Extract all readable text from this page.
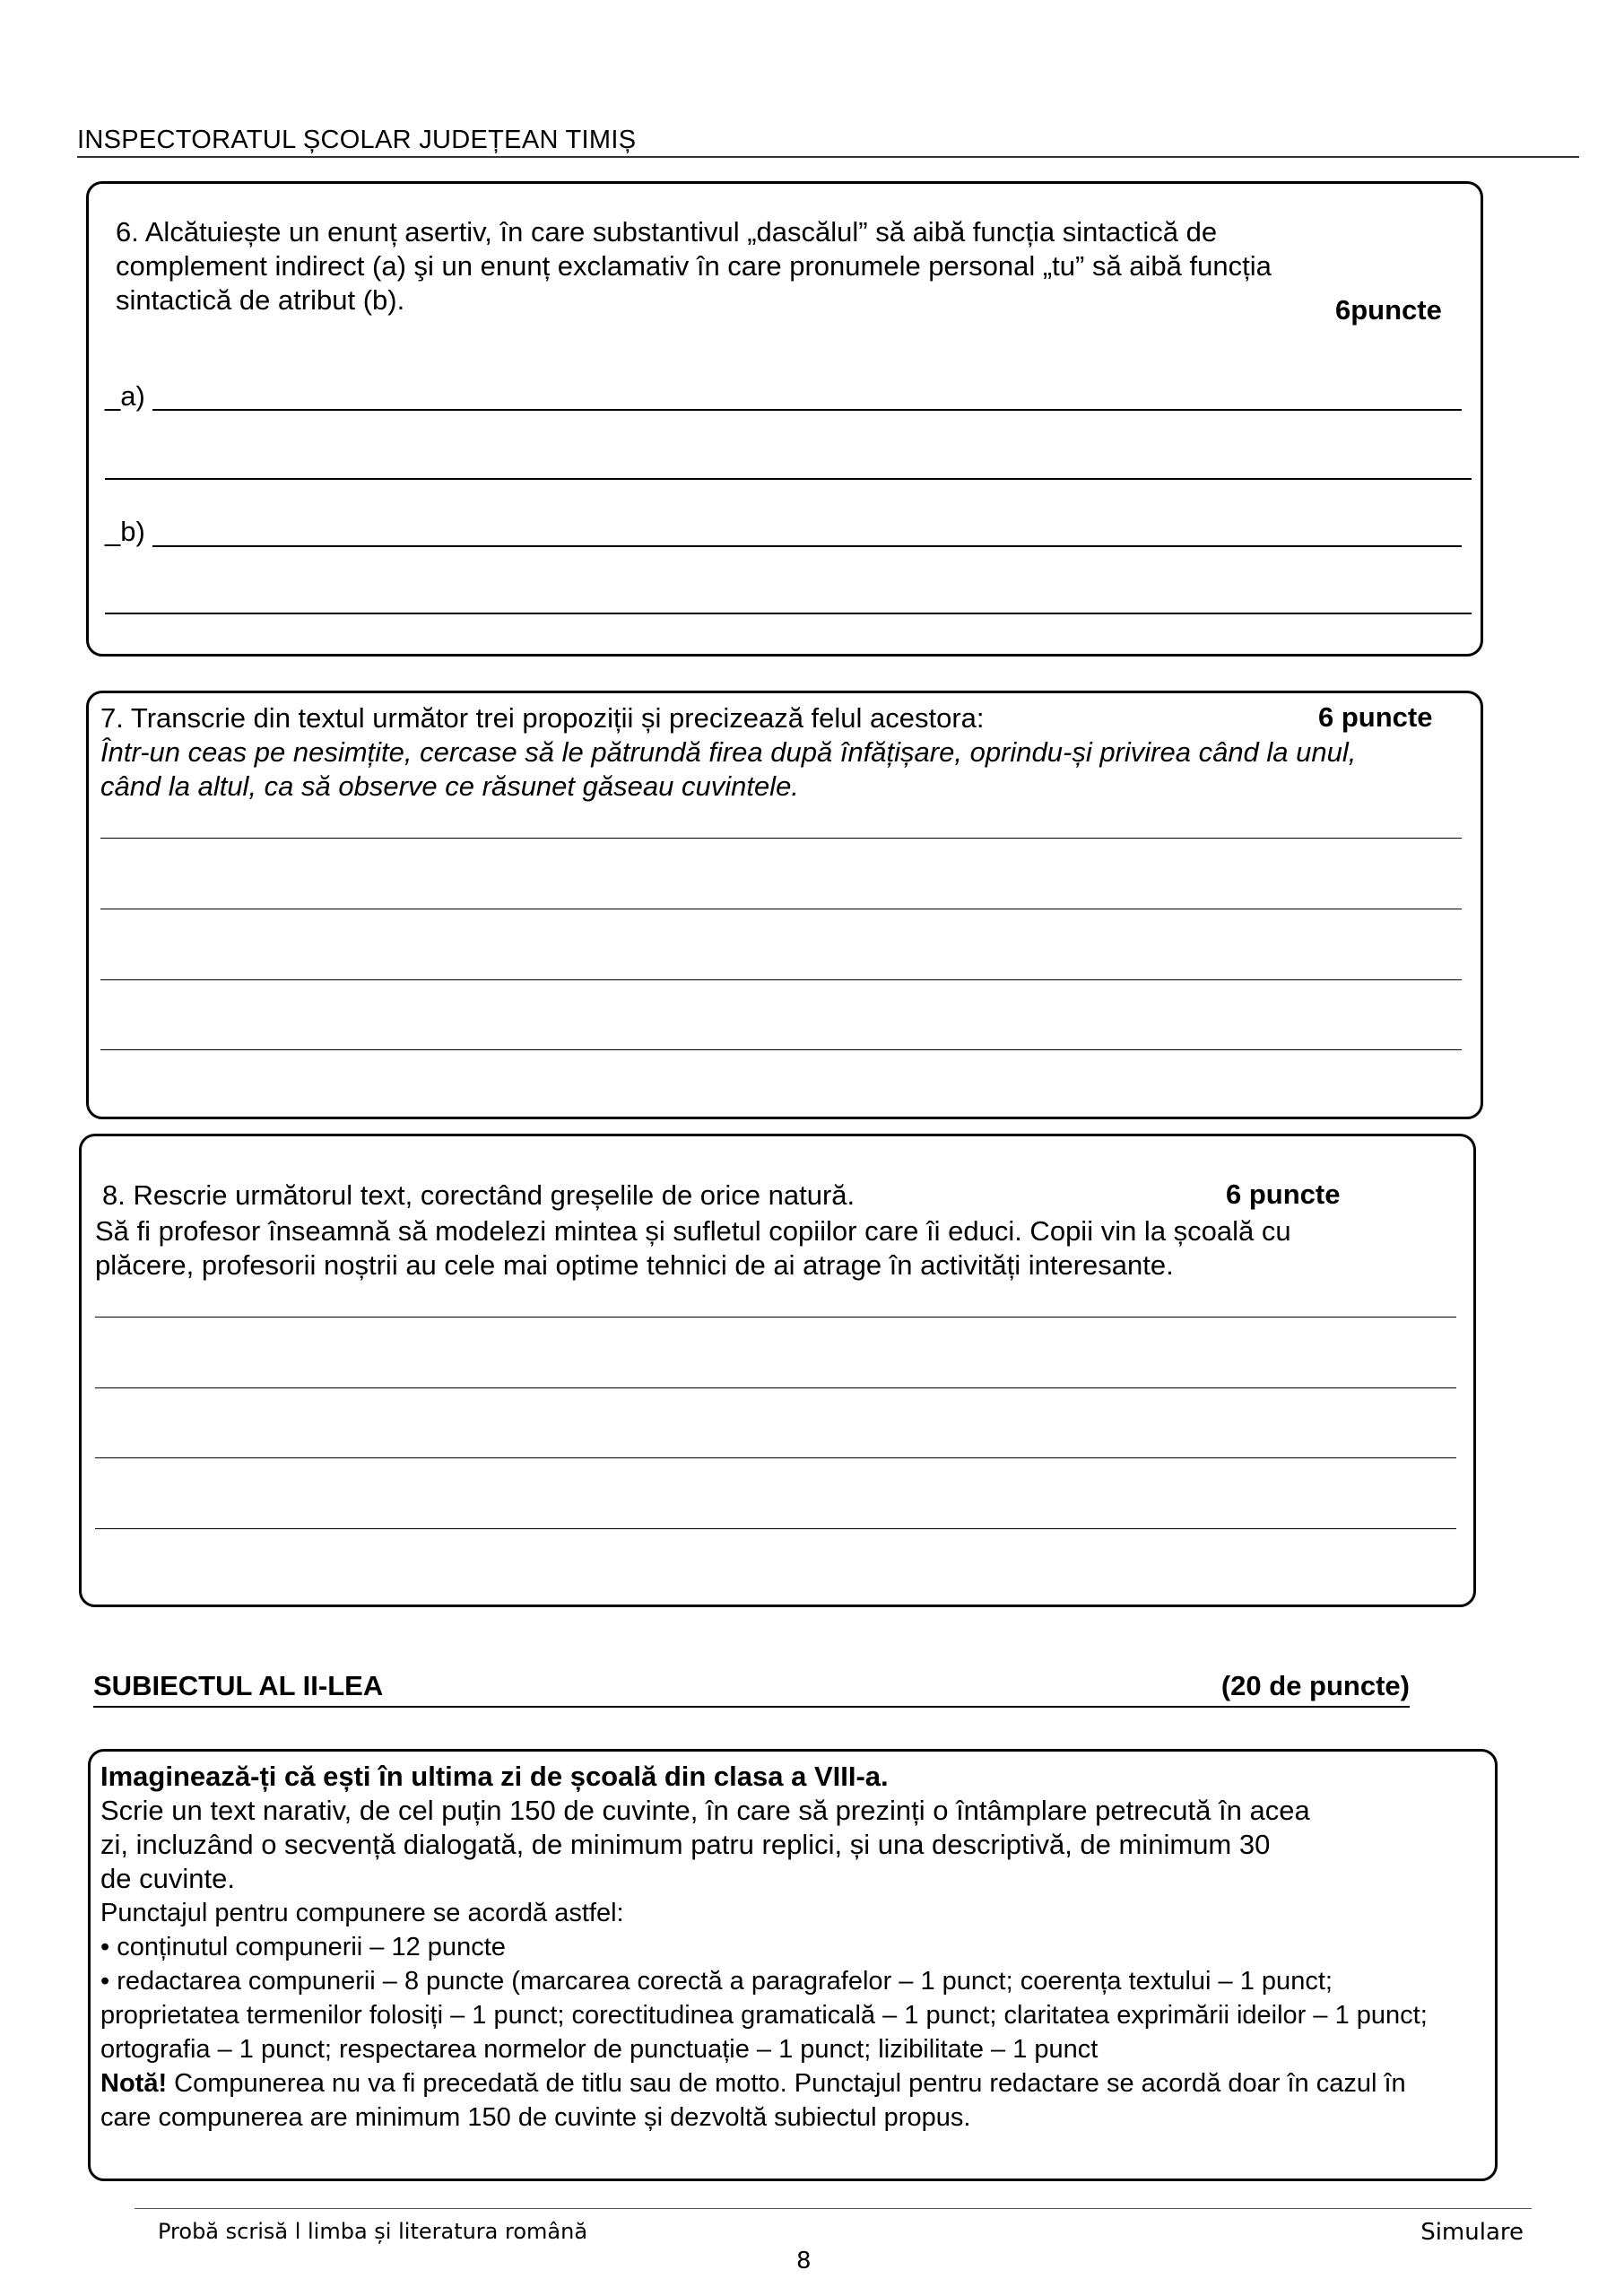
INSPECTORATUL ȘCOLAR JUDEȚEAN TIMIȘ
6. Alcătuiește un enunț asertiv, în care substantivul „dascălul” să aibă funcția sintactică de
complement indirect (a) şi un enunț exclamativ în care pronumele personal „tu” să aibă funcția
sintactică de atribut (b).	6puncte
_a)
_b)
7. Transcrie din textul următor trei propoziții și precizează felul acestora:	6 puncte
Într-un ceas pe nesimțite, cercase să le pătrundă firea după înfățișare, oprindu-și privirea când la unul,
când la altul, ca să observe ce răsunet găseau cuvintele.
8. Rescrie următorul text, corectând greșelile de orice natură.	6 puncte
Să fi profesor înseamnă să modelezi mintea și sufletul copiilor care îi educi. Copii vin la școală cu
plăcere, profesorii noștrii au cele mai optime tehnici de ai atrage în activități interesante.
SUBIECTUL AL II-LEA	(20 de puncte)
Imaginează-ți că ești în ultima zi de școală din clasa a VIII-a.
Scrie un text narativ, de cel puțin 150 de cuvinte, în care să prezinți o întâmplare petrecută în acea
zi, incluzând o secvență dialogată, de minimum patru replici, și una descriptivă, de minimum 30
de cuvinte.
Punctajul pentru compunere se acordă astfel:
• conținutul compunerii – 12 puncte
• redactarea compunerii – 8 puncte (marcarea corectă a paragrafelor – 1 punct; coerența textului – 1 punct;
proprietatea termenilor folosiți – 1 punct; corectitudinea gramaticală – 1 punct; claritatea exprimării ideilor – 1 punct;
ortografia – 1 punct; respectarea normelor de punctuație – 1 punct; lizibilitate – 1 punct
Notă! Compunerea nu va fi precedată de titlu sau de motto. Punctajul pentru redactare se acordă doar în cazul în
care compunerea are minimum 150 de cuvinte și dezvoltă subiectul propus.
Probă scrisă l limba și literatura română	Simulare
8
